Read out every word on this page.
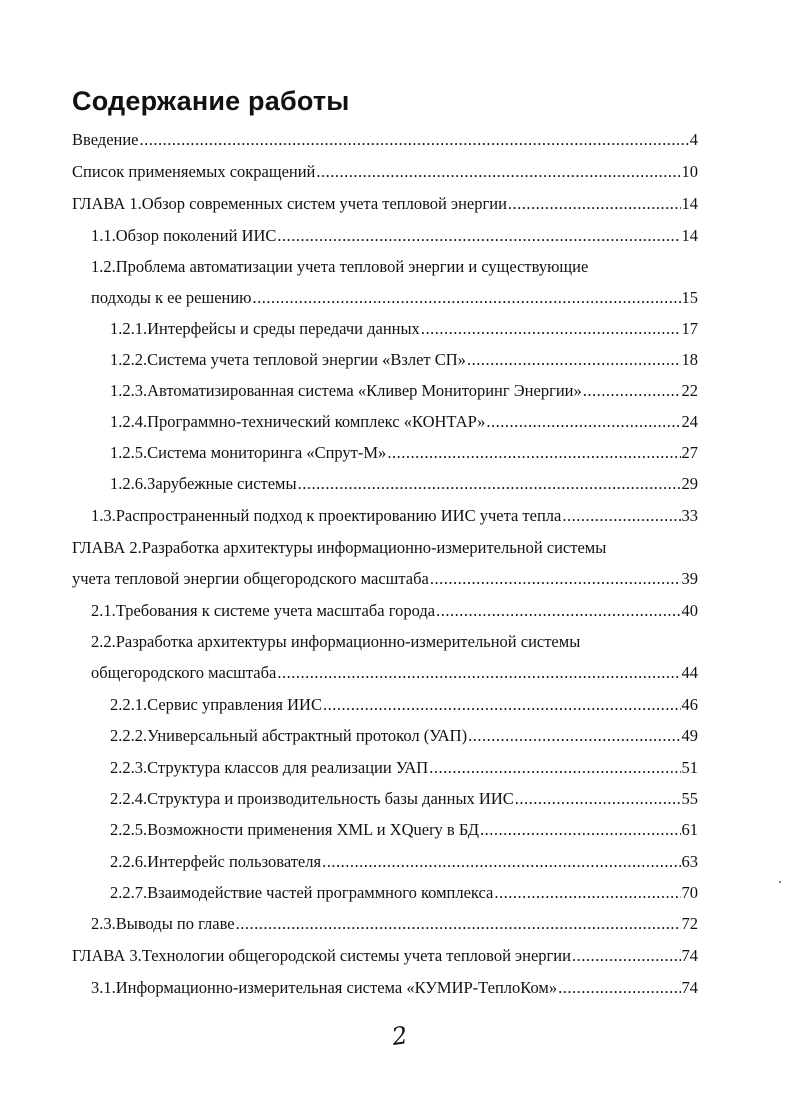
Содержание работы
Введение .....	4
Список применяемых сокращений .....	10
ГЛАВА 1.Обзор современных систем учета тепловой энергии .....	14
1.1.Обзор поколений ИИС .....	14
1.2.Проблема автоматизации учета тепловой энергии и существующие
подходы к ее решению .....	15
1.2.1.Интерфейсы и среды передачи данных .....	17
1.2.2.Система учета тепловой энергии «Взлет СП» .....	18
1.2.3.Автоматизированная система «Кливер Мониторинг Энергии» .....	22
1.2.4.Программно-технический комплекс «КОНТАР» .....	24
1.2.5.Система мониторинга «Спрут-М» .....	27
1.2.6.Зарубежные системы .....	29
1.3.Распространенный подход к проектированию ИИС учета тепла .....	33
ГЛАВА 2.Разработка архитектуры информационно-измерительной системы
учета тепловой энергии общегородского масштаба .....	39
2.1.Требования к системе учета масштаба города .....	40
2.2.Разработка архитектуры информационно-измерительной системы
общегородского масштаба .....	44
2.2.1.Сервис управления ИИС .....	46
2.2.2.Универсальный абстрактный протокол (УАП) .....	49
2.2.3.Структура классов для реализации УАП .....	51
2.2.4.Структура и производительность базы данных ИИС .....	55
2.2.5.Возможности применения XML и XQuery в БД .....	61
2.2.6.Интерфейс пользователя .....	63
2.2.7.Взаимодействие частей программного комплекса .....	70
2.3.Выводы по главе .....	72
ГЛАВА 3.Технологии общегородской системы учета тепловой энергии .....	74
3.1.Информационно-измерительная система «КУМИР-ТеплоКом» .....	74
2
